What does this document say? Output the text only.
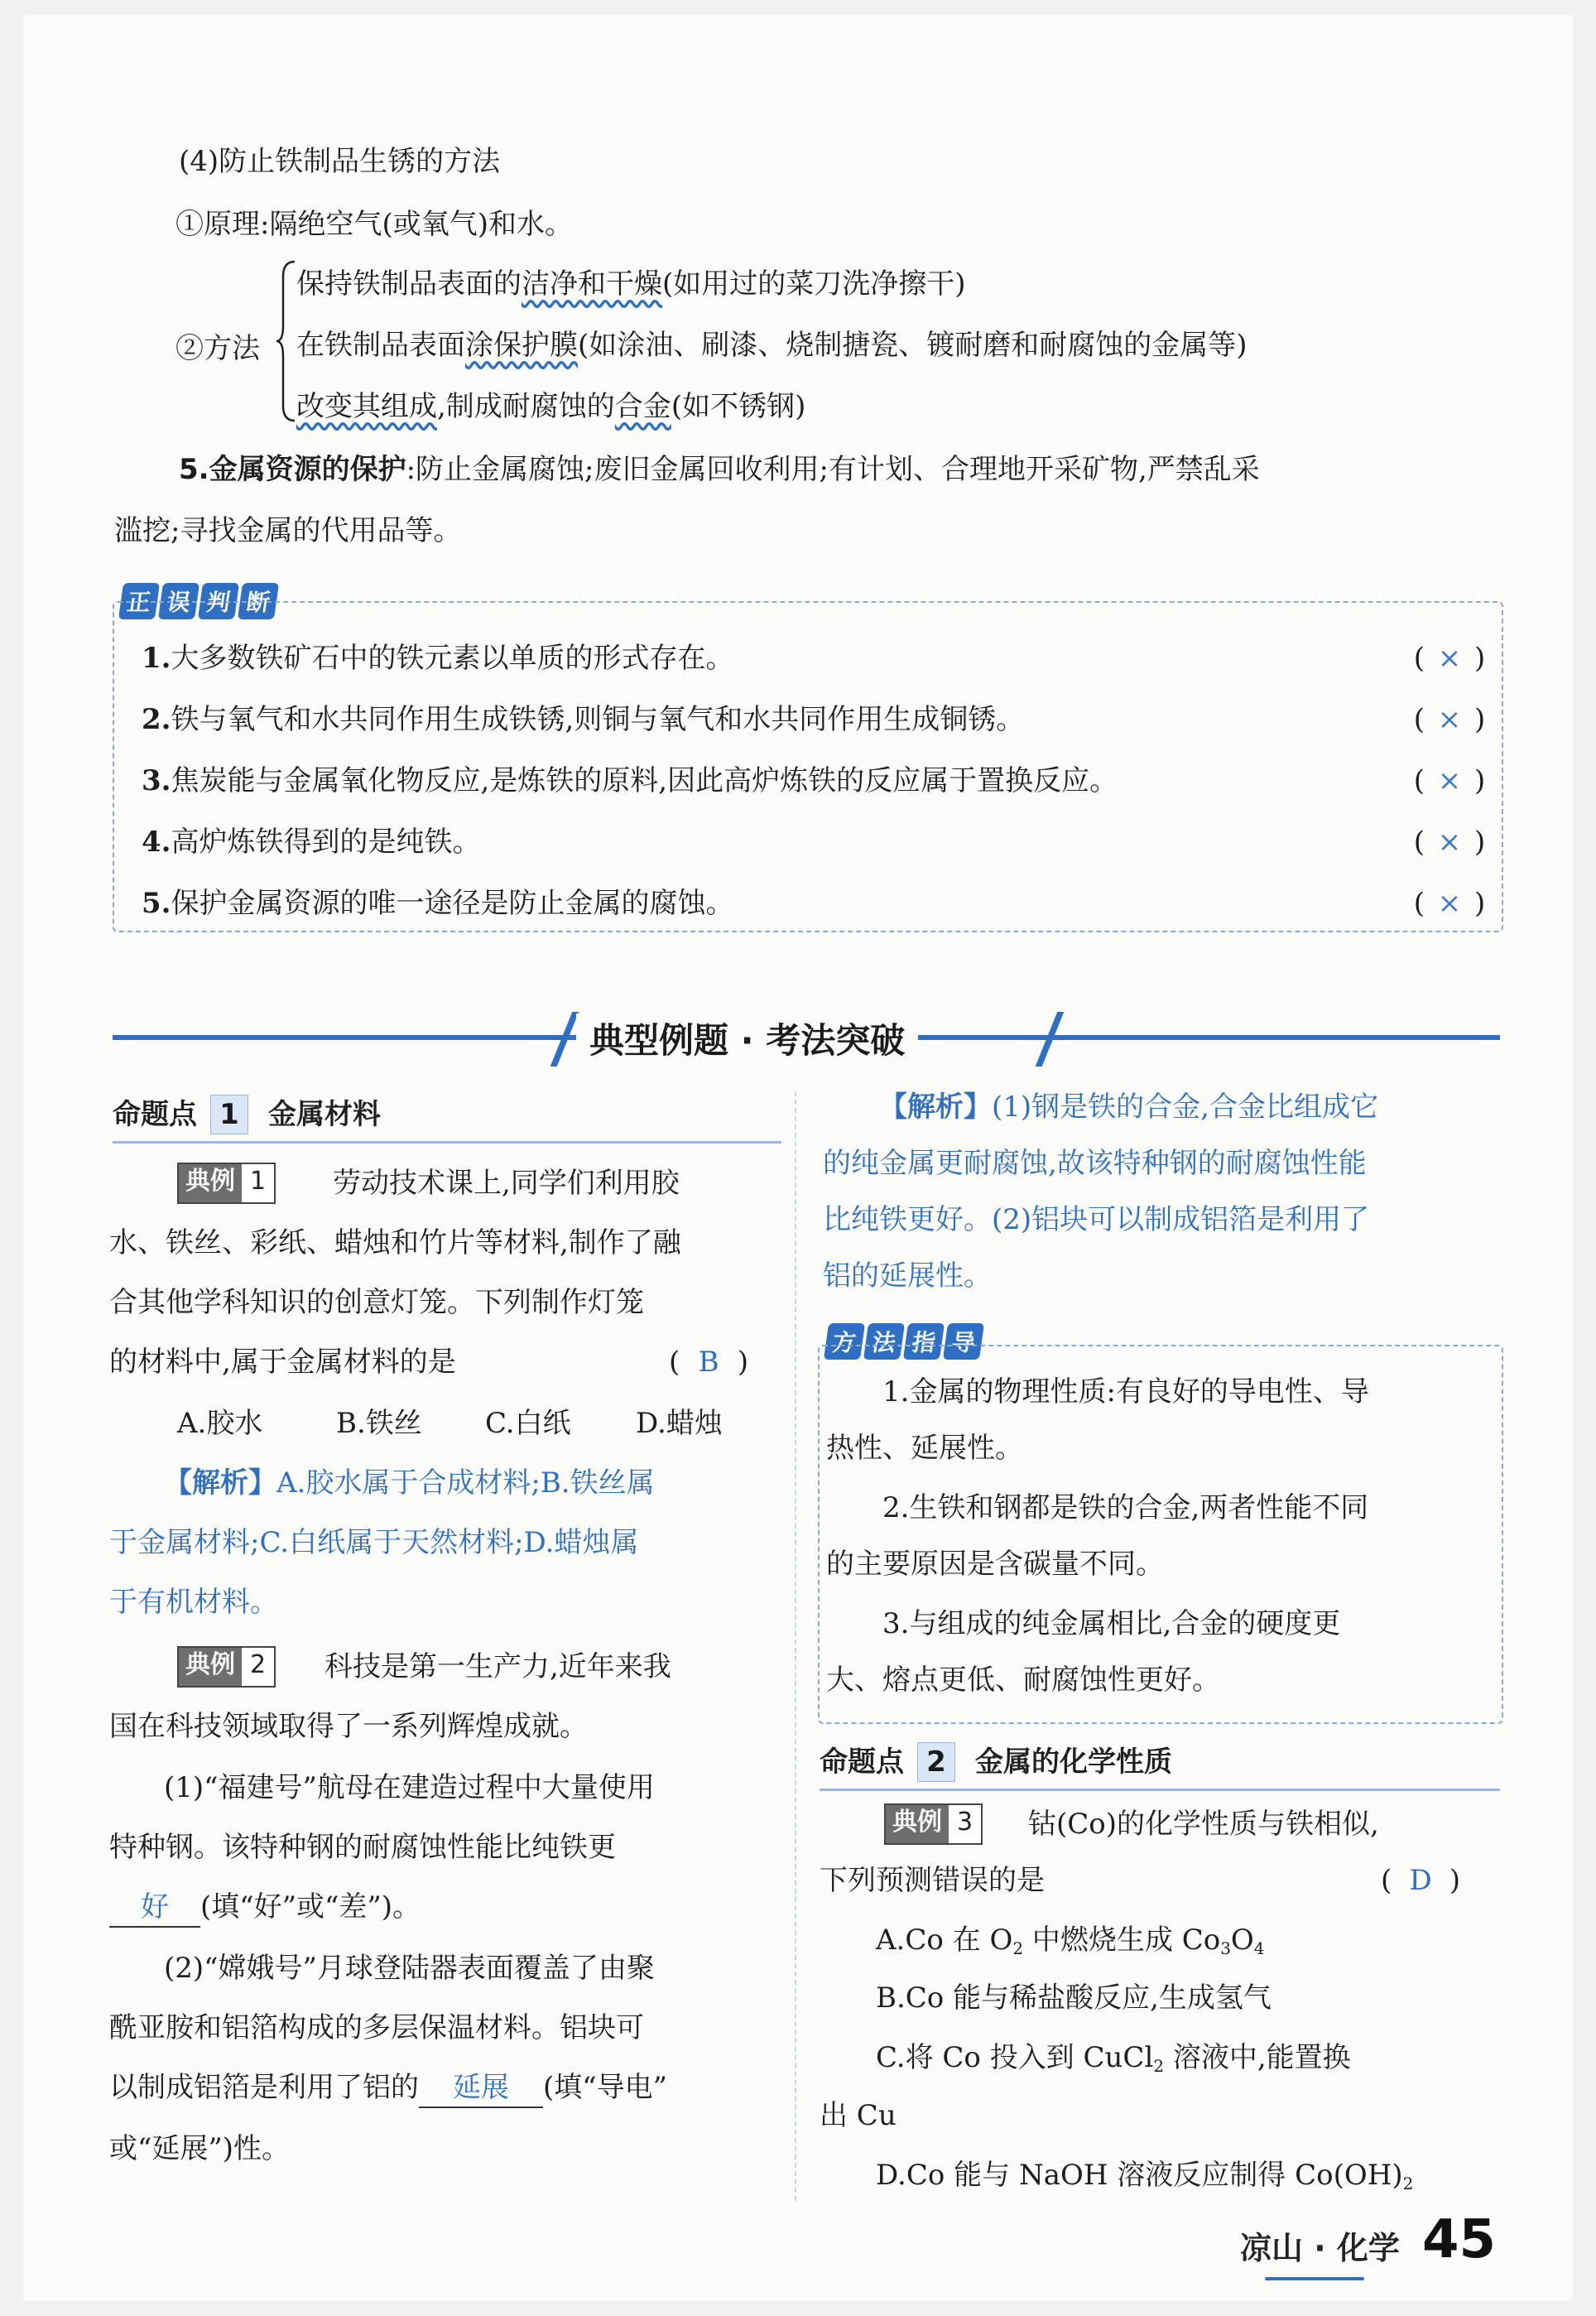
(4)防止铁制品生锈的方法
①原理:隔绝空气(或氧气)和水。
②方法
保持铁制品表面的洁净和干燥(如用过的菜刀洗净擦干)
在铁制品表面涂保护膜(如涂油、刷漆、烧制搪瓷、镀耐磨和耐腐蚀的金属等)
改变其组成,制成耐腐蚀的合金(如不锈钢)
5.金属资源的保护:防止金属腐蚀;废旧金属回收利用;有计划、合理地开采矿物,严禁乱采
滥挖;寻找金属的代用品等。
正 误 判 断
1.大多数铁矿石中的铁元素以单质的形式存在。	( × )
2.铁与氧气和水共同作用生成铁锈,则铜与氧气和水共同作用生成铜锈。	( × )
3.焦炭能与金属氧化物反应,是炼铁的原料,因此高炉炼铁的反应属于置换反应。	( × )
4.高炉炼铁得到的是纯铁。	( × )
5.保护金属资源的唯一途径是防止金属的腐蚀。	( × )
典型例题 · 考法突破
命题点 1 金属材料
典例 1 劳动技术课上,同学们利用胶
水、铁丝、彩纸、蜡烛和竹片等材料,制作了融
合其他学科知识的创意灯笼。下列制作灯笼
的材料中,属于金属材料的是	( B )
A.胶水	B.铁丝 C.白纸 D.蜡烛
【解析】A.胶水属于合成材料;B.铁丝属
于金属材料;C.白纸属于天然材料;D.蜡烛属
于有机材料。
典例 2 科技是第一生产力,近年来我
国在科技领域取得了一系列辉煌成就。
(1)“福建号”航母在建造过程中大量使用
特种钢。该特种钢的耐腐蚀性能比纯铁更
好 (填“好”或“差”)。
(2)“嫦娥号”月球登陆器表面覆盖了由聚
酰亚胺和铝箔构成的多层保温材料。铝块可
以制成铝箔是利用了铝的 延展 (填“导电”
或“延展”)性。
【解析】(1)钢是铁的合金,合金比组成它
的纯金属更耐腐蚀,故该特种钢的耐腐蚀性能
比纯铁更好。(2)铝块可以制成铝箔是利用了
铝的延展性。
方 法 指 导
1.金属的物理性质:有良好的导电性、导
热性、延展性。
2.生铁和钢都是铁的合金,两者性能不同
的主要原因是含碳量不同。
3.与组成的纯金属相比,合金的硬度更
大、熔点更低、耐腐蚀性更好。
命题点 2 金属的化学性质
典例 3 钴(Co)的化学性质与铁相似,
下列预测错误的是	( D )
A.Co 在 $O_2$ 中燃烧生成 $Co_3O_4$
B.Co 能与稀盐酸反应,生成氢气
C.将 Co 投入到 CuCl$_2$ 溶液中,能置换
出 Cu
D.Co 能与 NaOH 溶液反应制得 $Co(OH)_2$
凉山 · 化学 45
